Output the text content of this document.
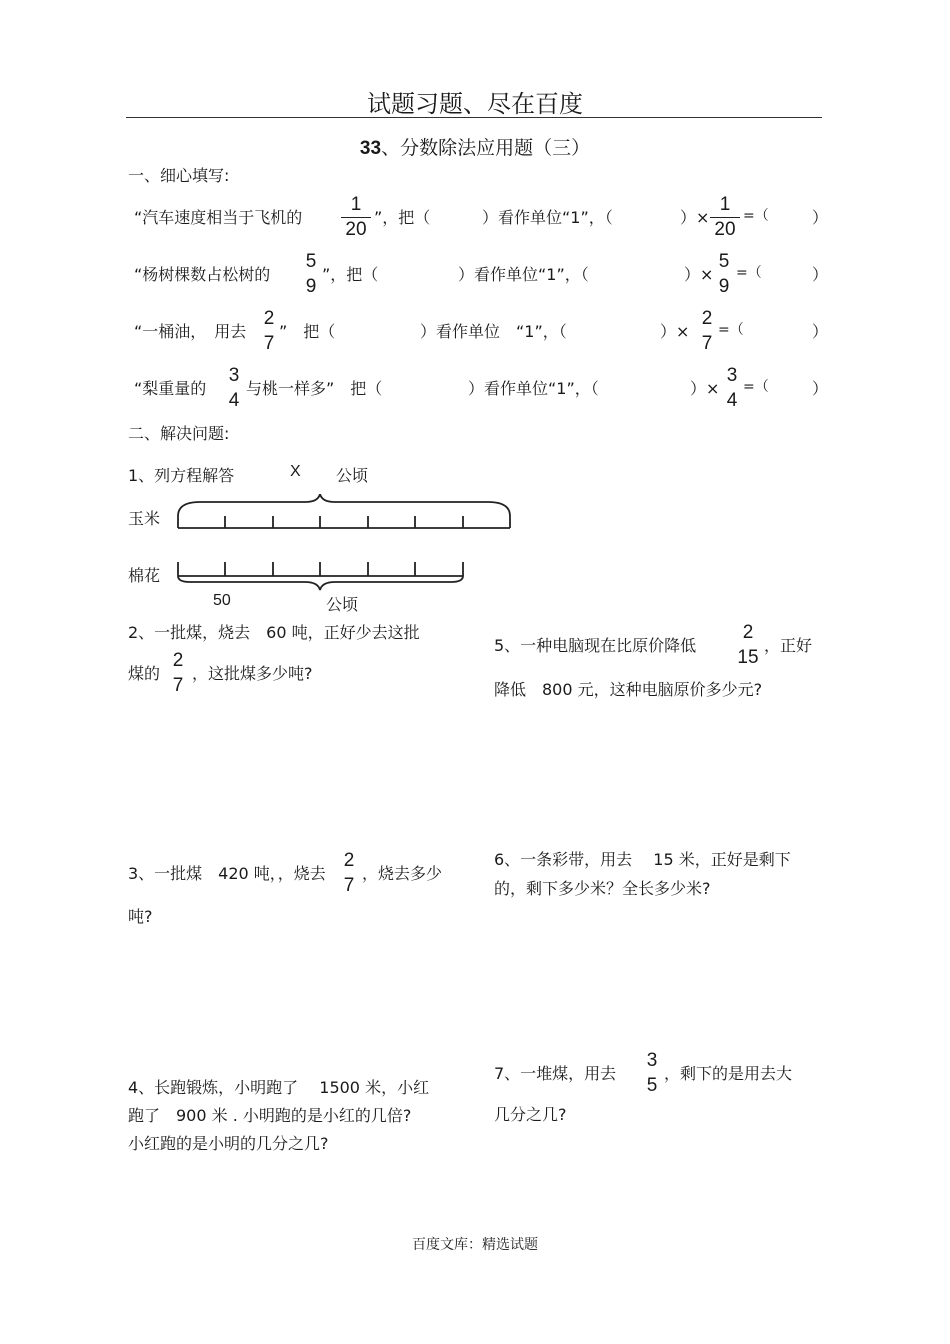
试题习题、尽在百度
33、分数除法应用题（三）
一、细心填写:
“汽车速度相当于飞机的
1
20
”，把（	）看作单位“1”，（	）×
1
20
=（	）
“杨树棵数占松树的
5
9
”，把（	）看作单位“1”，（	）×
5
9
=（	）
“一桶油，　用去
2
7
”　把（	）看作单位　“1”，（	）×
2
7
=（	）
“梨重量的
3
4
与桃一样多”　把（	）看作单位“1”，（	）×
3
4
=（	）
二、解决问题:
1、列方程解答	X 公顷
玉米
棉花
50	公顷
2、一批煤，烧去　60 吨，正好少去这批
煤的
2
7
，这批煤多少吨?
3、一批煤　420 吨，，烧去
2
7
，烧去多少
吨?
4、长跑锻炼，小明跑了　 1500 米，小红
跑了　900 米 . 小明跑的是小红的几倍?
小红跑的是小明的几分之几?
5、一种电脑现在比原价降低
2
15
，正好
降低　800 元，这种电脑原价多少元?
6、一条彩带，用去　 15 米，正好是剩下
的，剩下多少米？全长多少米?
7、一堆煤，用去
3
5
，剩下的是用去大
几分之几?
百度文库：精选试题
